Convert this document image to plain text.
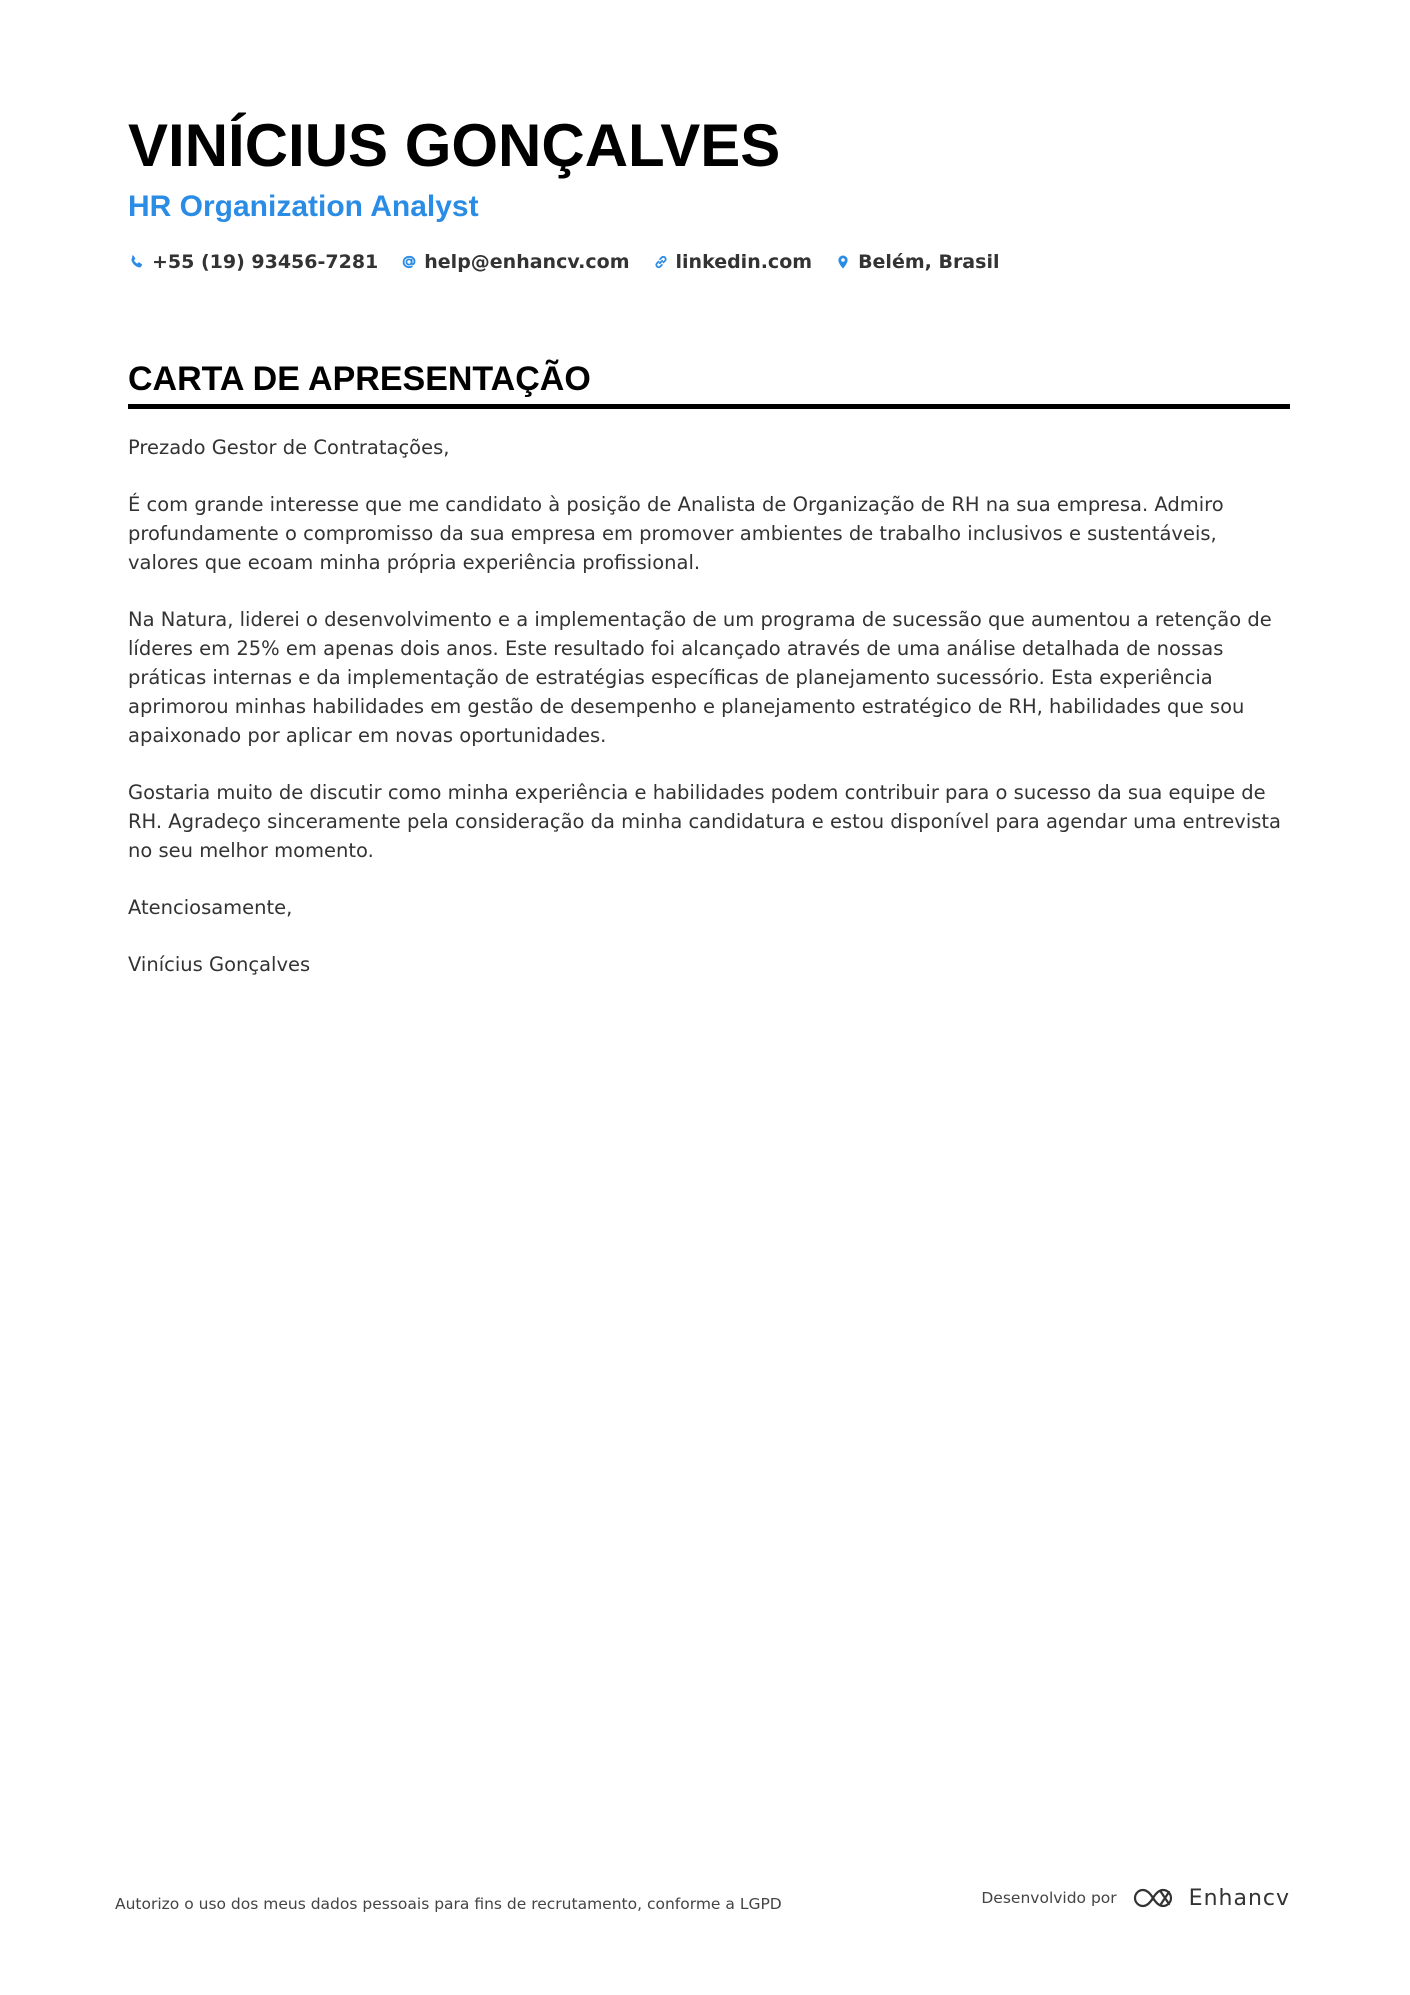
VINÍCIUS GONÇALVES
HR Organization Analyst
+55 (19) 93456-7281 help@enhancv.com linkedin.com Belém, Brasil
CARTA DE APRESENTAÇÃO

Prezado Gestor de Contratações,

É com grande interesse que me candidato à posição de Analista de Organização de RH na sua empresa. Admiro profundamente o compromisso da sua empresa em promover ambientes de trabalho inclusivos e sustentáveis, valores que ecoam minha própria experiência profissional.

Na Natura, liderei o desenvolvimento e a implementação de um programa de sucessão que aumentou a retenção de líderes em 25% em apenas dois anos. Este resultado foi alcançado através de uma análise detalhada de nossas práticas internas e da implementação de estratégias específicas de planejamento sucessório. Esta experiência aprimorou minhas habilidades em gestão de desempenho e planejamento estratégico de RH, habilidades que sou apaixonado por aplicar em novas oportunidades.

Gostaria muito de discutir como minha experiência e habilidades podem contribuir para o sucesso da sua equipe de RH. Agradeço sinceramente pela consideração da minha candidatura e estou disponível para agendar uma entrevista no seu melhor momento.

Atenciosamente,

Vinícius Gonçalves

Autorizo o uso dos meus dados pessoais para fins de recrutamento, conforme a LGPD	Desenvolvido por	Enhancv
